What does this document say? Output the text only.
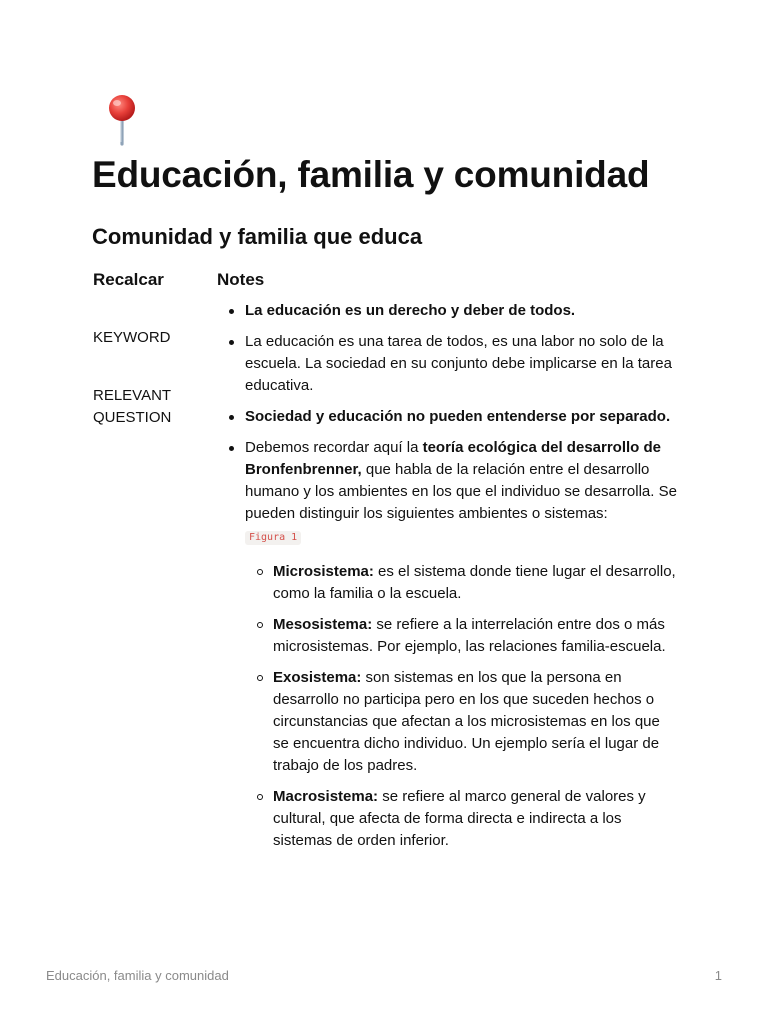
Educación, familia y comunidad
Comunidad y familia que educa
Recalcar
KEYWORD
RELEVANT QUESTION
Notes
La educación es un derecho y deber de todos.
La educación es una tarea de todos, es una labor no solo de la escuela. La sociedad en su conjunto debe implicarse en la tarea educativa.
Sociedad y educación no pueden entenderse por separado.
Debemos recordar aquí la teoría ecológica del desarrollo de
Bronfenbrenner, que habla de la relación entre el desarrollo humano y los ambientes en los que el individuo se desarrolla. Se pueden distinguir los siguientes ambientes o sistemas:
Figura 1
Microsistema: es el sistema donde tiene lugar el desarrollo, como la familia o la escuela.
Mesosistema: se refiere a la interrelación entre dos o más microsistemas. Por ejemplo, las relaciones familia-escuela.
Exosistema: son sistemas en los que la persona en desarrollo no participa pero en los que suceden hechos o circunstancias que afectan a los microsistemas en los que se encuentra dicho individuo. Un ejemplo sería el lugar de trabajo de los padres.
Macrosistema: se refiere al marco general de valores y cultural, que afecta de forma directa e indirecta a los sistemas de orden inferior.
Educación, familia y comunidad	1
